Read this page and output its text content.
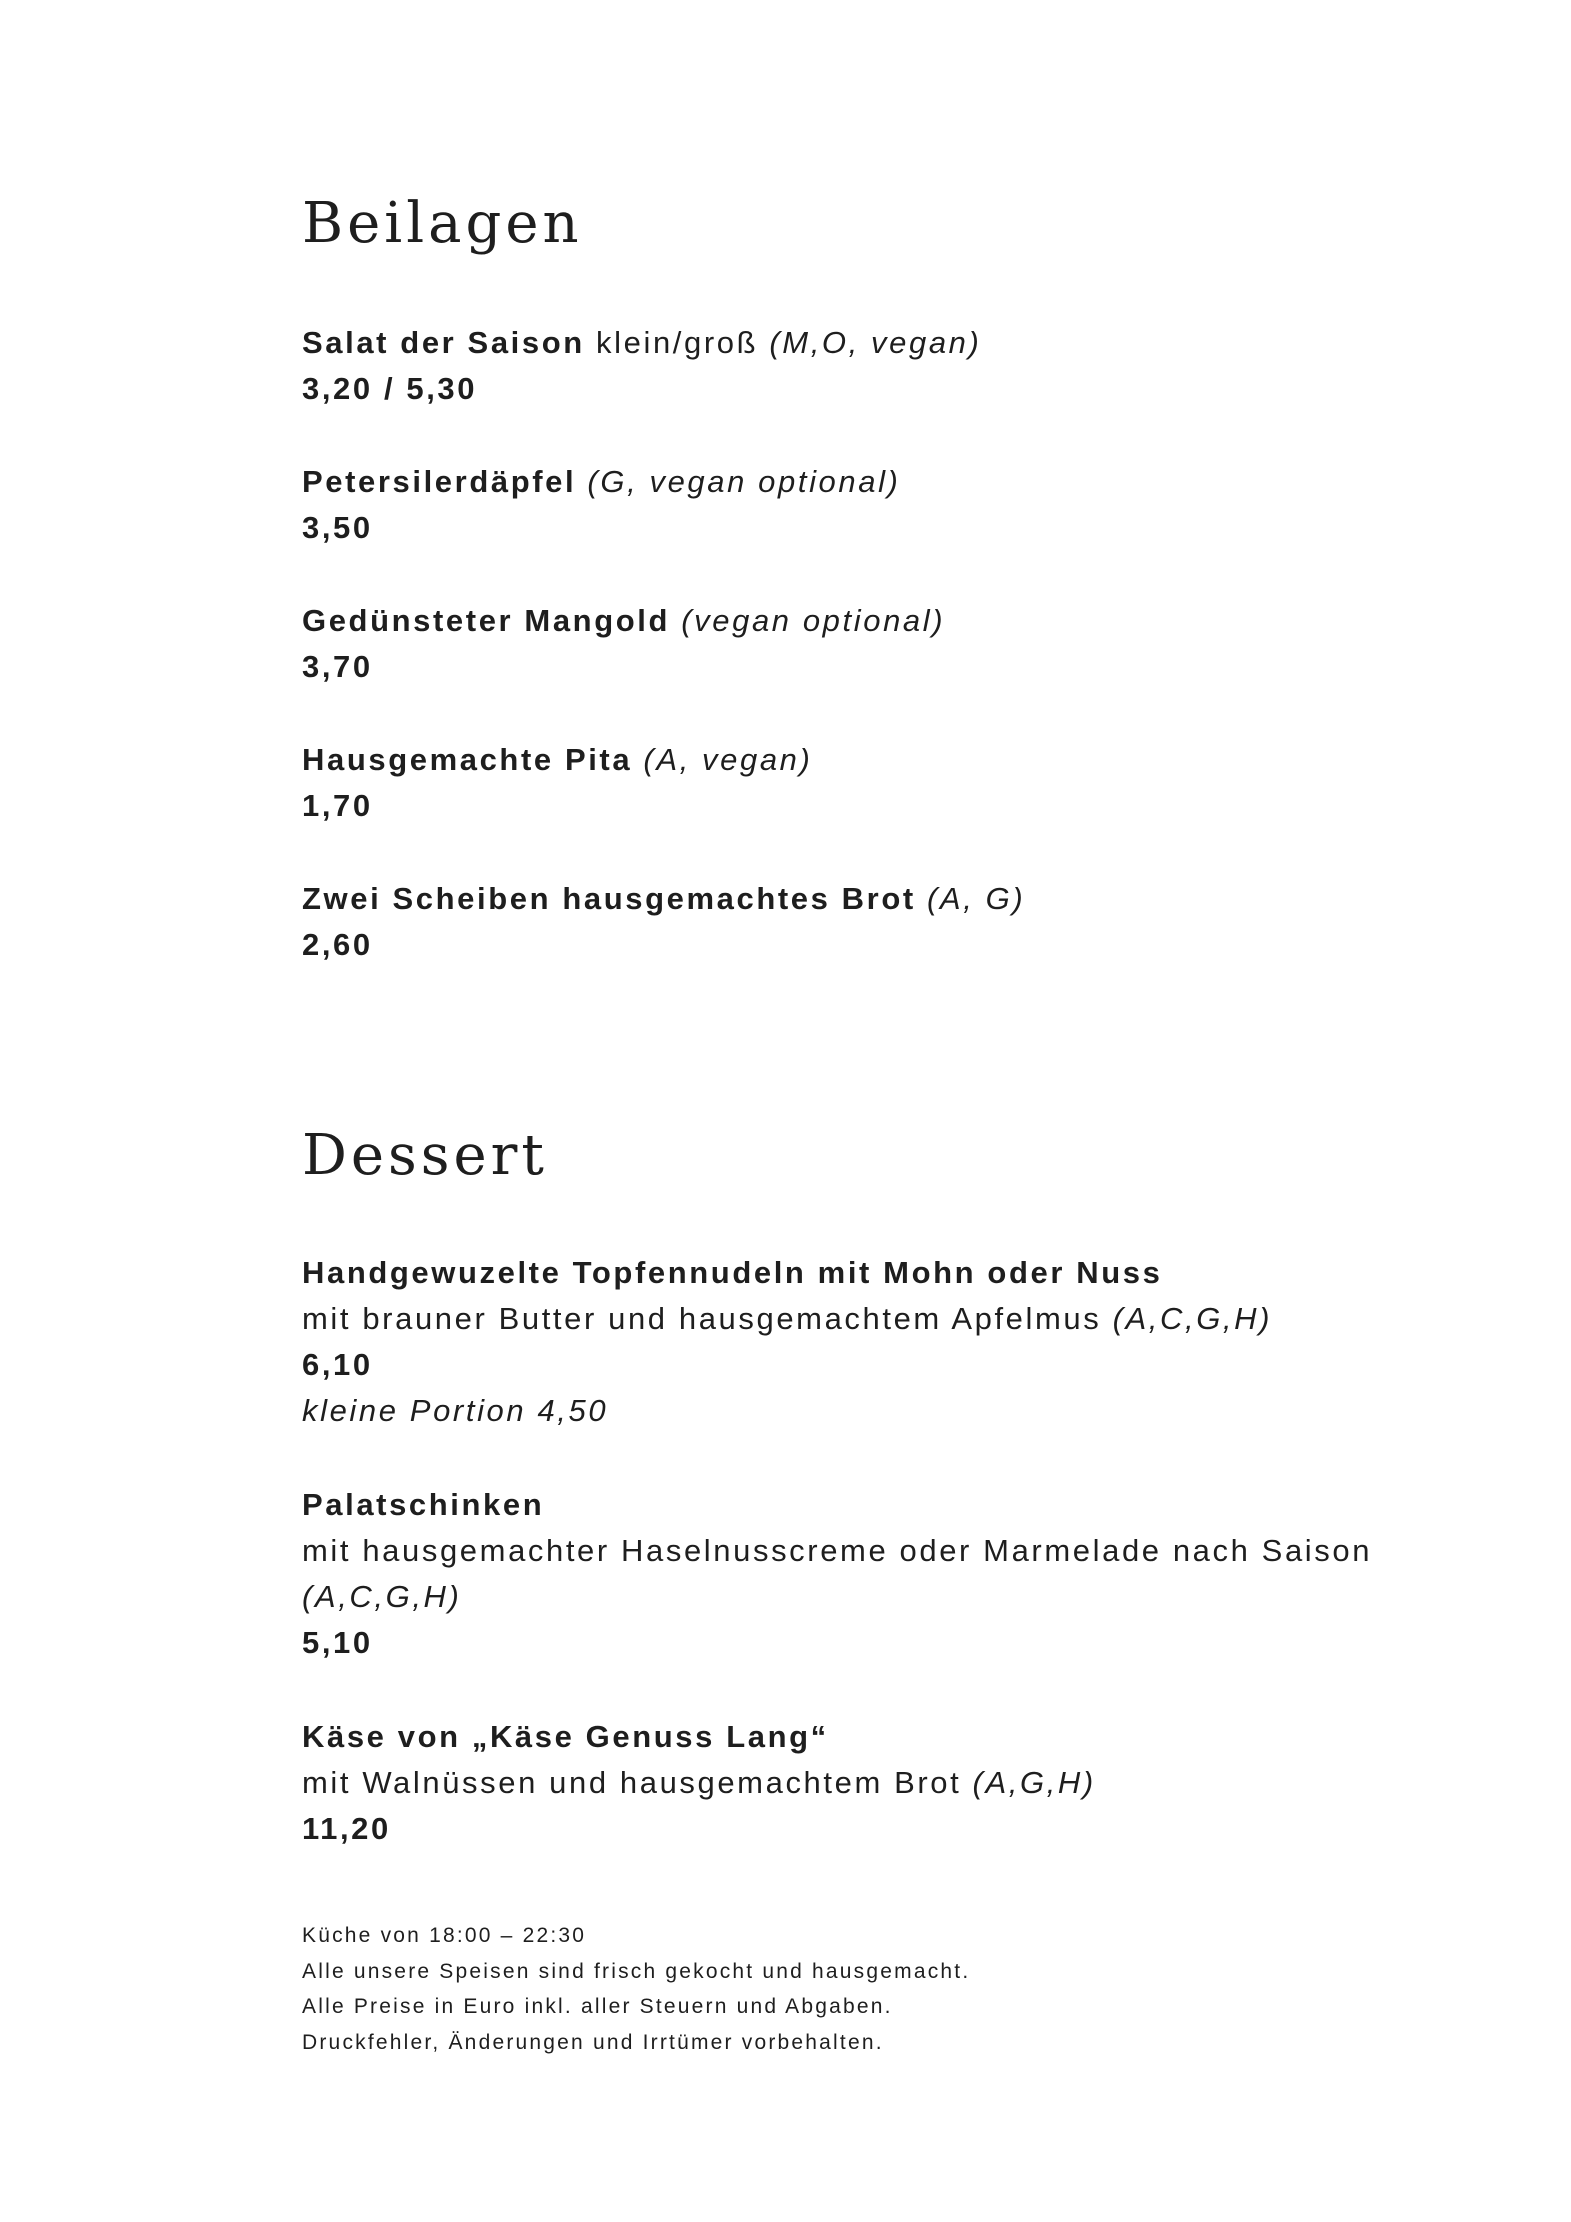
Beilagen
Salat der Saison klein/groß (M,O, vegan)
3,20 / 5,30
Petersilerdäpfel (G, vegan optional)
3,50
Gedünsteter Mangold (vegan optional)
3,70
Hausgemachte Pita (A, vegan)
1,70
Zwei Scheiben hausgemachtes Brot (A, G)
2,60
Dessert
Handgewuzelte Topfennudeln mit Mohn oder Nuss
mit brauner Butter und hausgemachtem Apfelmus (A,C,G,H)
6,10
kleine Portion 4,50
Palatschinken
mit hausgemachter Haselnusscreme oder Marmelade nach Saison
(A,C,G,H)
5,10
Käse von „Käse Genuss Lang“
mit Walnüssen und hausgemachtem Brot (A,G,H)
11,20
Küche von 18:00 – 22:30
Alle unsere Speisen sind frisch gekocht und hausgemacht.
Alle Preise in Euro inkl. aller Steuern und Abgaben.
Druckfehler, Änderungen und Irrtümer vorbehalten.
